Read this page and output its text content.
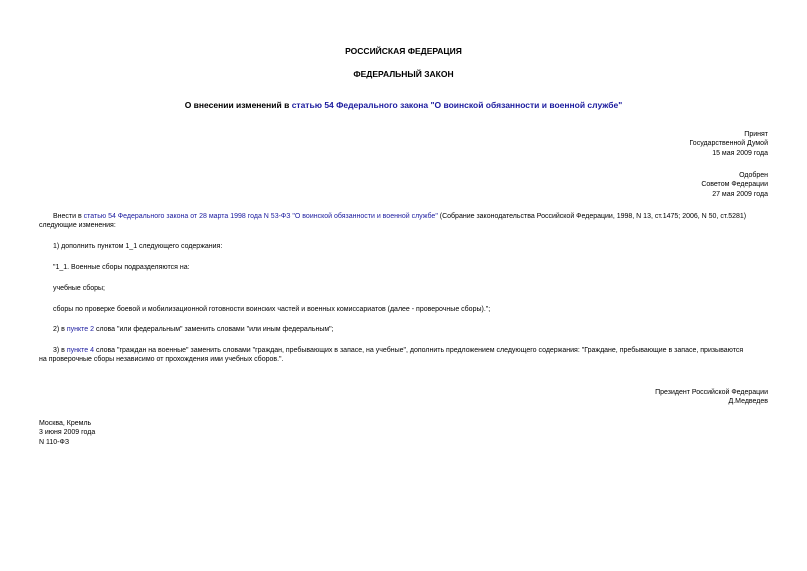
РОССИЙСКАЯ ФЕДЕРАЦИЯ
ФЕДЕРАЛЬНЫЙ ЗАКОН
О внесении изменений в статью 54 Федерального закона "О воинской обязанности и военной службе"
Принят
Государственной Думой
15 мая 2009 года
Одобрен
Советом Федерации
27 мая 2009 года
Внести в статью 54 Федерального закона от 28 марта 1998 года N 53-ФЗ "О воинской обязанности и военной службе" (Собрание законодательства Российской Федерации, 1998, N 13, ст.1475; 2006, N 50, ст.5281)
следующие изменения:
1) дополнить пунктом 1_1 следующего содержания:
"1_1. Военные сборы подразделяются на:
учебные сборы;
сборы по проверке боевой и мобилизационной готовности воинских частей и военных комиссариатов (далее - проверочные сборы).";
2) в пункте 2 слова "или федеральным" заменить словами "или иным федеральным";
3) в пункте 4 слова "граждан на военные" заменить словами "граждан, пребывающих в запасе, на учебные", дополнить предложением следующего содержания: "Граждане, пребывающие в запасе, призываются
на проверочные сборы независимо от прохождения ими учебных сборов.".
Президент Российской Федерации
Д.Медведев
Москва, Кремль
3 июня 2009 года
N 110-ФЗ
